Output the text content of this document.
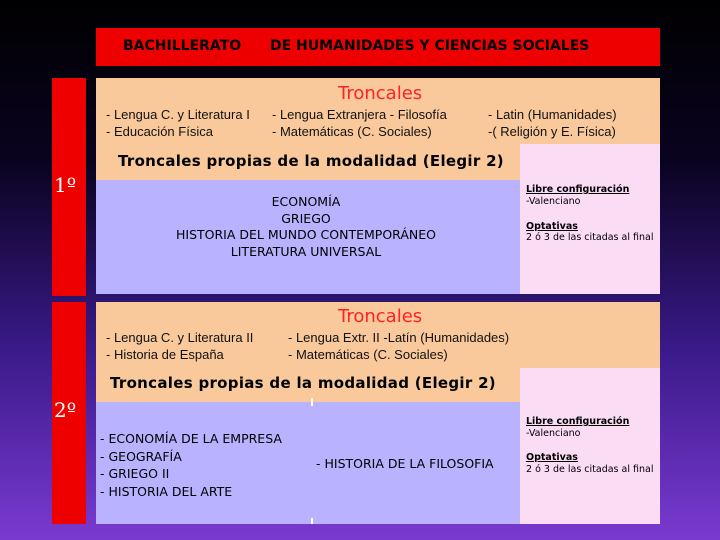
BACHILLERATO DE HUMANIDADES Y CIENCIAS SOCIALES
1º
2º
Troncales
- Lengua C. y Literatura I
- Educación Física
- Lengua Extranjera - Filosofía
- Matemáticas (C. Sociales)
- Latin (Humanidades)
-( Religión y E. Física)
Troncales propias de la modalidad (Elegir 2)
Libre configuración
-Valenciano
Optativas
2 ó 3 de las citadas al final
ECONOMÍA
GRIEGO
HISTORIA DEL MUNDO CONTEMPORÁNEO
LITERATURA UNIVERSAL
Troncales
- Lengua C. y Literatura II
- Historia de España
- Lengua Extr. II -Latín (Humanidades)
- Matemáticas (C. Sociales)
Troncales propias de la modalidad (Elegir 2)
Libre configuración
-Valenciano
Optativas
2 ó 3 de las citadas al final
- ECONOMÍA DE LA EMPRESA
- GEOGRAFÍA
- GRIEGO II
- HISTORIA DEL ARTE
- HISTORIA DE LA FILOSOFIA
